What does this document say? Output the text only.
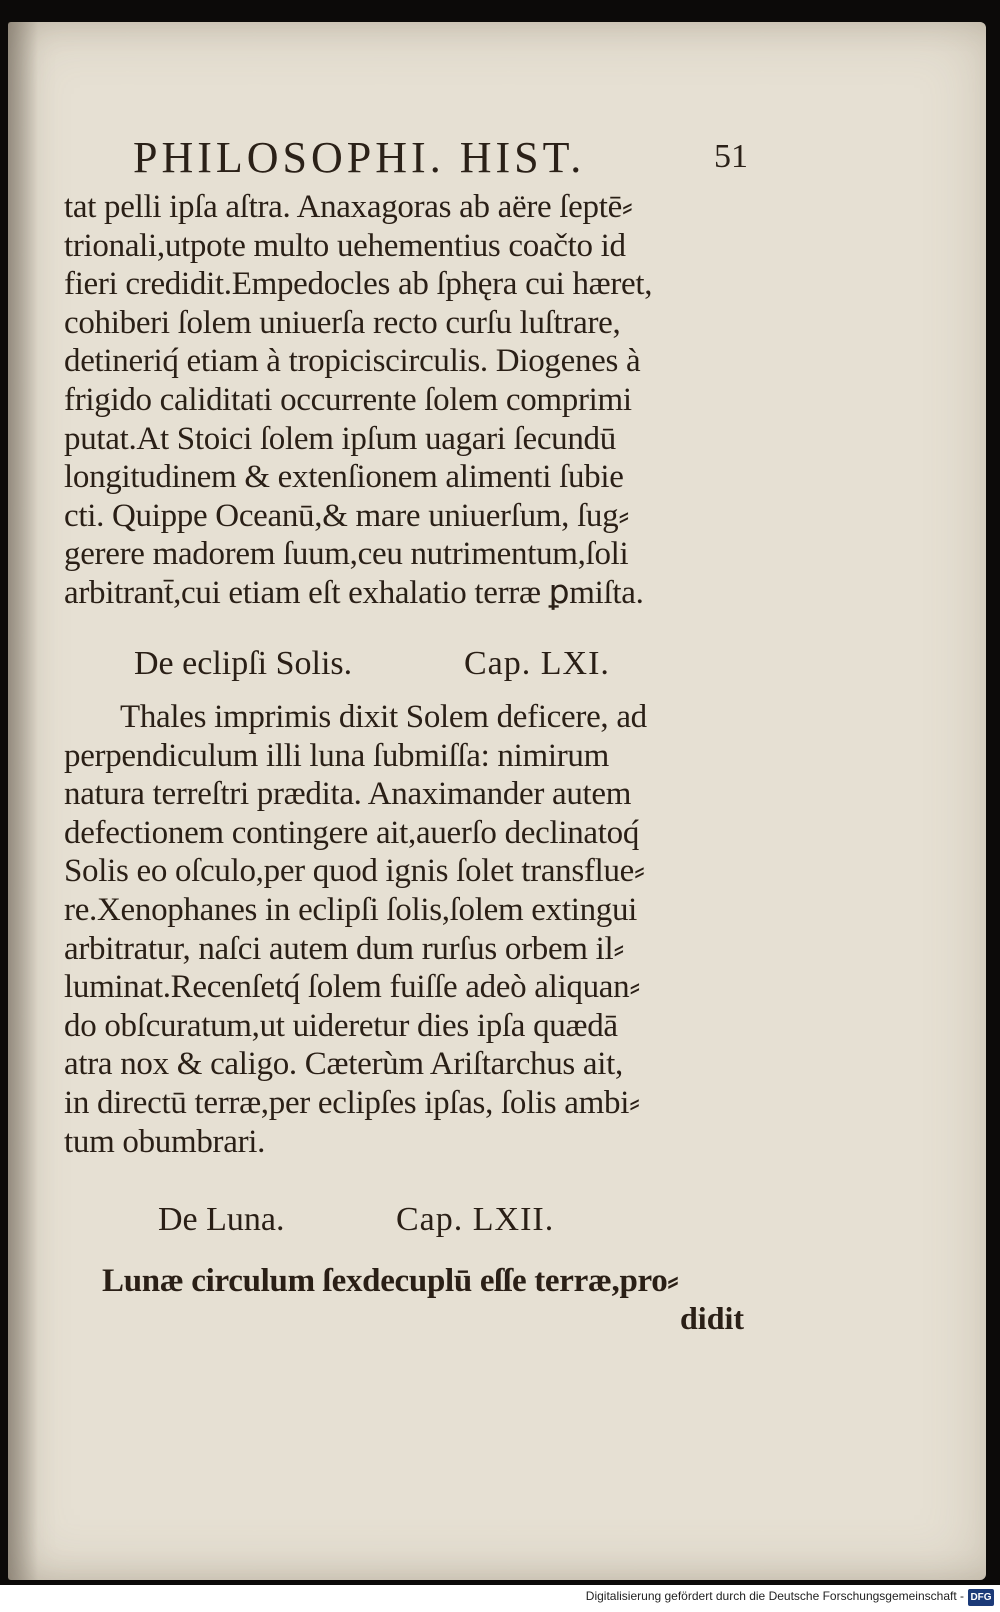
PHILOSOPHI. HIST.	51
tat pelli ipſa aſtra. Anaxagoras ab aëre ſeptē⸗
trionali,utpote multo uehementius coačto id
fieri credidit.Empedocles ab ſphęra cui hæret,
cohiberi ſolem uniuerſa recto curſu luſtrare,
detineriq́ etiam à tropiciscirculis. Diogenes à
frigido caliditati occurrente ſolem comprimi
putat.At Stoici ſolem ipſum uagari ſecundū
longitudinem & extenſionem alimenti ſubie
cti. Quippe Oceanū,& mare uniuerſum, ſug⸗
gerere madorem ſuum,ceu nutrimentum,ſoli
arbitrant̄,cui etiam eſt exhalatio terræ ꝑmiſta.
De eclipſi Solis.	Cap. LXI.
Thales imprimis dixit Solem deficere, ad
perpendiculum illi luna ſubmiſſa: nimirum
natura terreſtri prædita. Anaximander autem
defectionem contingere ait,auerſo declinatoq́
Solis eo oſculo,per quod ignis ſolet transflue⸗
re.Xenophanes in eclipſi ſolis,ſolem extingui
arbitratur, naſci autem dum rurſus orbem il⸗
luminat.Recenſetq́ ſolem fuiſſe adeò aliquan⸗
do obſcuratum,ut uideretur dies ipſa quædā
atra nox & caligo. Cæterùm Ariſtarchus ait,
in directū terræ,per eclipſes ipſas, ſolis ambi⸗
tum obumbrari.
De Luna.	Cap. LXII.
Lunæ circulum ſexdecuplū eſſe terræ,pro⸗
didit
Digitalisierung gefördert durch die Deutsche Forschungsgemeinschaft - DFG
